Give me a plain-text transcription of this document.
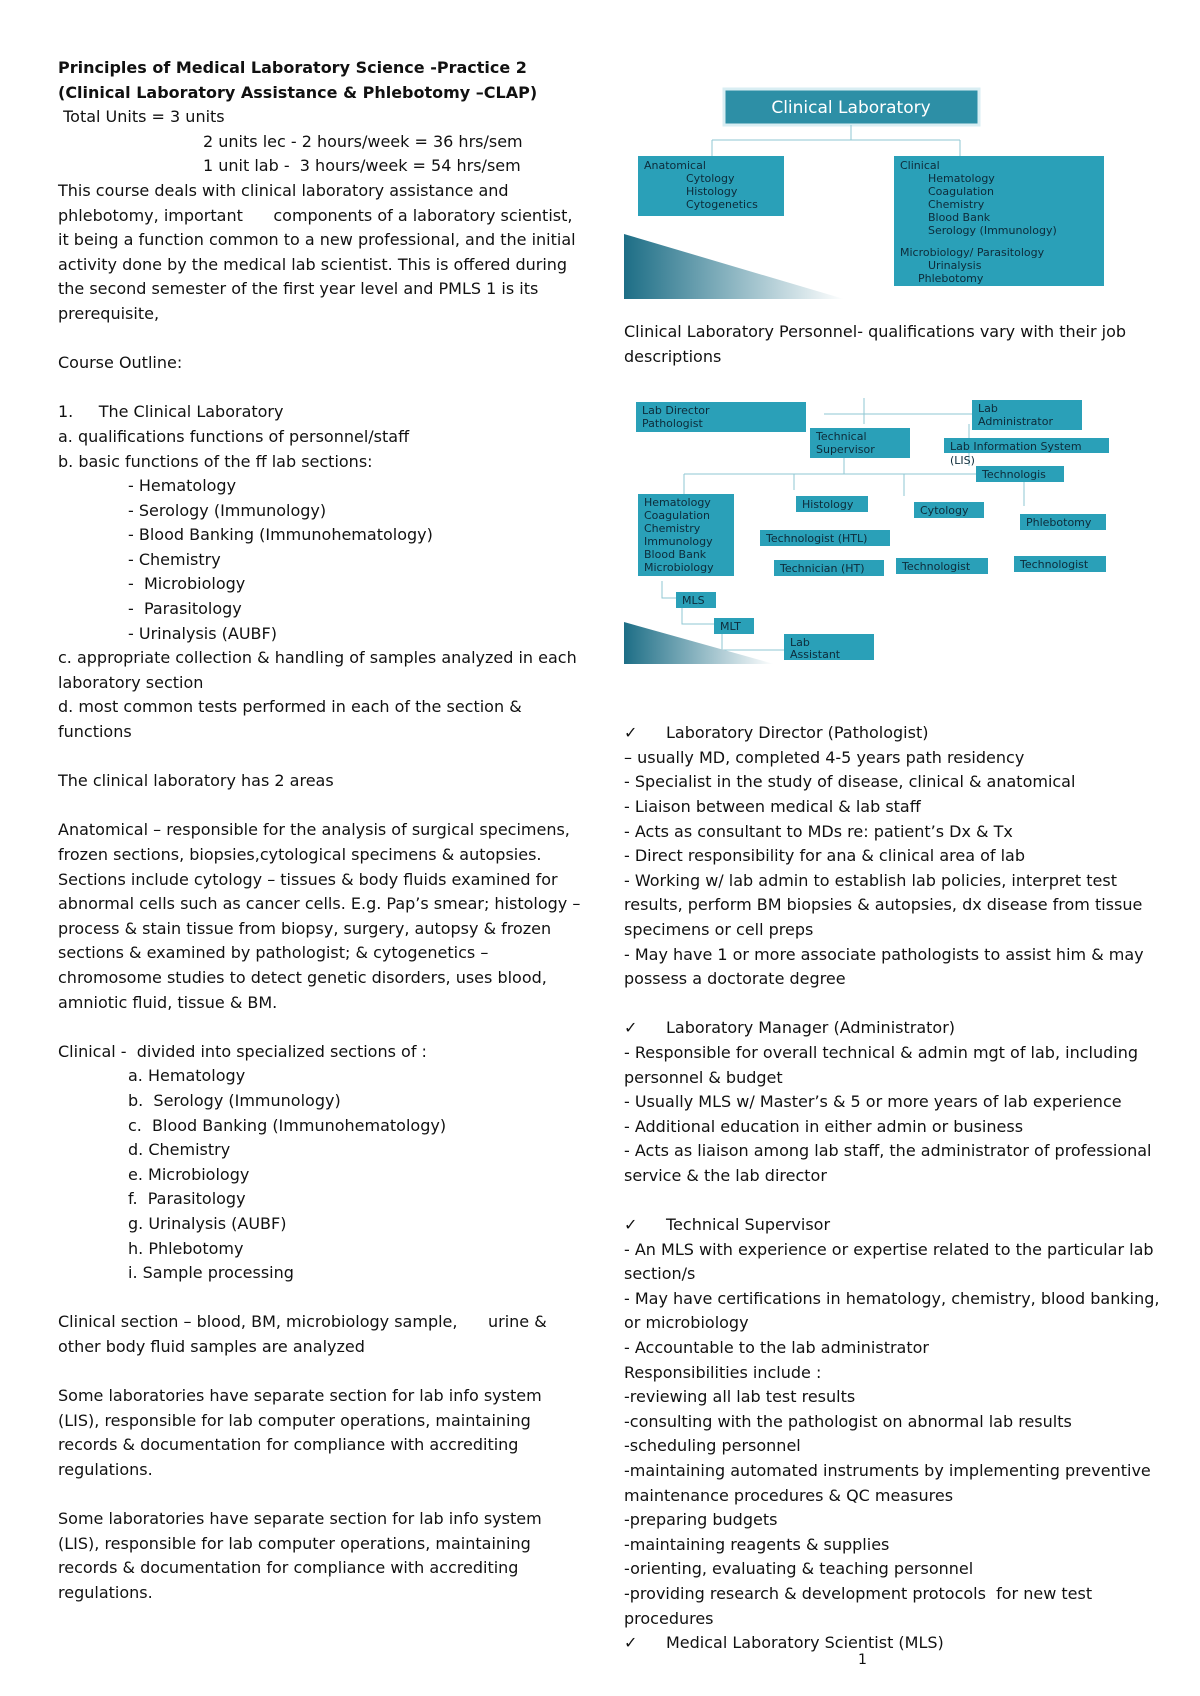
Principles of Medical Laboratory Science -Practice 2
(Clinical Laboratory Assistance & Phlebotomy –CLAP)
Total Units = 3 units
2 units lec - 2 hours/week = 36 hrs/sem
1 unit lab -  3 hours/week = 54 hrs/sem
This course deals with clinical laboratory assistance and phlebotomy, important      components of a laboratory scientist, it being a function common to a new professional, and the initial activity done by the medical lab scientist. This is offered during the second semester of the first year level and PMLS 1 is its prerequisite,
Course Outline:
1.     The Clinical Laboratory
a. qualifications functions of personnel/staff
b. basic functions of the ff lab sections:
- Hematology
- Serology (Immunology)
- Blood Banking (Immunohematology)
- Chemistry
-  Microbiology
-  Parasitology
- Urinalysis (AUBF)
c. appropriate collection & handling of samples analyzed in each laboratory section
d. most common tests performed in each of the section & functions
The clinical laboratory has 2 areas
Anatomical – responsible for the analysis of surgical specimens, frozen sections, biopsies,cytological specimens & autopsies. Sections include cytology – tissues & body fluids examined for abnormal cells such as cancer cells. E.g. Pap’s smear; histology – process & stain tissue from biopsy, surgery, autopsy & frozen sections & examined by pathologist; & cytogenetics – chromosome studies to detect genetic disorders, uses blood, amniotic fluid, tissue & BM.
Clinical -  divided into specialized sections of :
a. Hematology
b.  Serology (Immunology)
c.  Blood Banking (Immunohematology)
d. Chemistry
e. Microbiology
f.  Parasitology
g. Urinalysis (AUBF)
h. Phlebotomy
i. Sample processing
Clinical section – blood, BM, microbiology sample,      urine & other body fluid samples are analyzed
Some laboratories have separate section for lab info system (LIS), responsible for lab computer operations, maintaining records & documentation for compliance with accrediting regulations.
Some laboratories have separate section for lab info system (LIS), responsible for lab computer operations, maintaining records & documentation for compliance with accrediting regulations.
Clinical Laboratory
Anatomical
Cytology
Histology
Cytogenetics
Clinical
Hematology
Coagulation
Chemistry
Blood Bank
Serology (Immunology)
Microbiology/ Parasitology
Urinalysis
Phlebotomy
Lab Director
Pathologist
Lab
Administrator
Technical
Supervisor	Lab Information System
(LIS)
Technologis
Hematology
Coagulation
Chemistry
Immunology
Blood Bank
Microbiology
Histology
Technologist (HTL)
Technician (HT)
Cytology
Technologist
Phlebotomy
Technologist
MLS
MLT
Lab
Assistant
Clinical Laboratory Personnel- qualifications vary with their job descriptions
✓ Laboratory Director (Pathologist)
– usually MD, completed 4-5 years path residency
- Specialist in the study of disease, clinical & anatomical
- Liaison between medical & lab staff
- Acts as consultant to MDs re: patient’s Dx & Tx
- Direct responsibility for ana & clinical area of lab
- Working w/ lab admin to establish lab policies, interpret test results, perform BM biopsies & autopsies, dx disease from tissue specimens or cell preps
- May have 1 or more associate pathologists to assist him & may possess a doctorate degree
✓ Laboratory Manager (Administrator)
- Responsible for overall technical & admin mgt of lab, including personnel & budget
- Usually MLS w/ Master’s & 5 or more years of lab experience
- Additional education in either admin or business
- Acts as liaison among lab staff, the administrator of professional service & the lab director
✓ Technical Supervisor
- An MLS with experience or expertise related to the particular lab section/s
- May have certifications in hematology, chemistry, blood banking, or microbiology
- Accountable to the lab administrator
Responsibilities include :
-reviewing all lab test results
-consulting with the pathologist on abnormal lab results
-scheduling personnel
-maintaining automated instruments by implementing preventive maintenance procedures & QC measures
-preparing budgets
-maintaining reagents & supplies
-orienting, evaluating & teaching personnel
-providing research & development protocols  for new test procedures
✓ Medical Laboratory Scientist (MLS)
1
